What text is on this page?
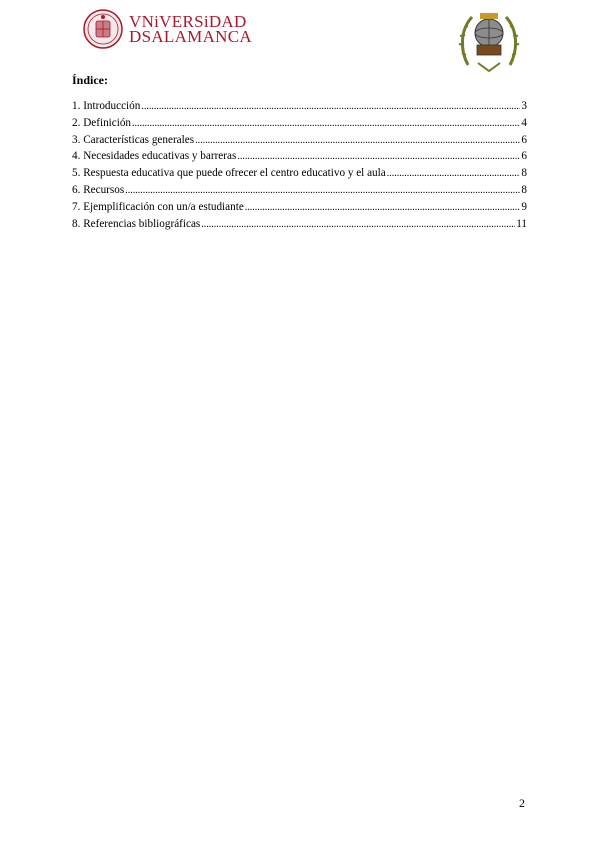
VNiVERSiDAD
DSALAMANCA
Índice:
1. Introducción .....	3
2. Definición .....	4
3. Características generales .....	6
4. Necesidades educativas y barreras .....	6
5. Respuesta educativa que puede ofrecer el centro educativo y el aula .....	8
6. Recursos .....	8
7. Ejemplificación con un/a estudiante .....	9
8. Referencias bibliográficas .....	11
2
